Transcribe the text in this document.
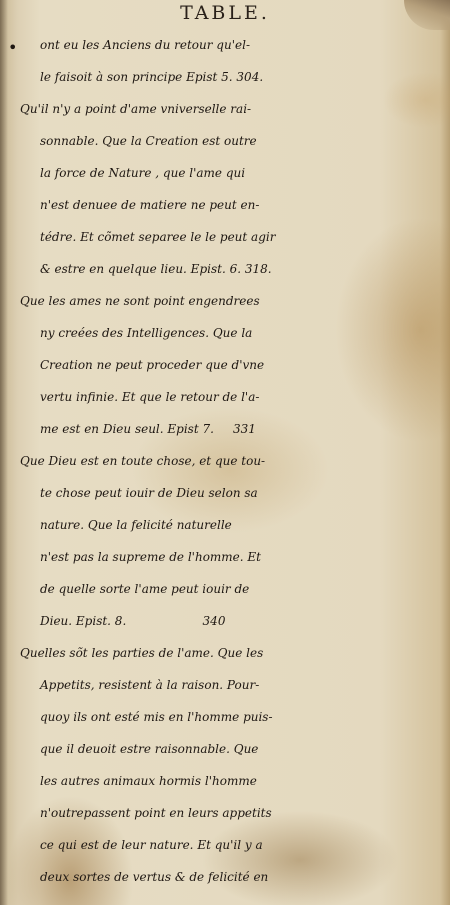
TABLE.
•	ont eu les Anciens du retour qu'el-
le faisoit à son principe Epist 5. 304.
Qu'il n'y a point d'ame vniverselle rai-
sonnable. Que la Creation est outre
la force de Nature , que l'ame qui
n'est denuee de matiere ne peut en-
tédre. Et cõmet separee le le peut agir
& estre en quelque lieu. Epist. 6. 318.
Que les ames ne sont point engendrees
ny creées des Intelligences. Que la
Creation ne peut proceder que d'vne
vertu infinie. Et que le retour de l'a-
me est en Dieu seul. Epist 7.     331
Que Dieu est en toute chose, et que tou-
te chose peut iouir de Dieu selon sa
nature. Que la felicité naturelle
n'est pas la supreme de l'homme. Et
de quelle sorte l'ame peut iouir de
Dieu. Epist. 8.                    340
Quelles sõt les parties de l'ame. Que les
Appetits, resistent à la raison. Pour-
quoy ils ont esté mis en l'homme puis-
que il deuoit estre raisonnable. Que
les autres animaux hormis l'homme
n'outrepassent point en leurs appetits
ce qui est de leur nature. Et qu'il y a
deux sortes de vertus & de felicité en
